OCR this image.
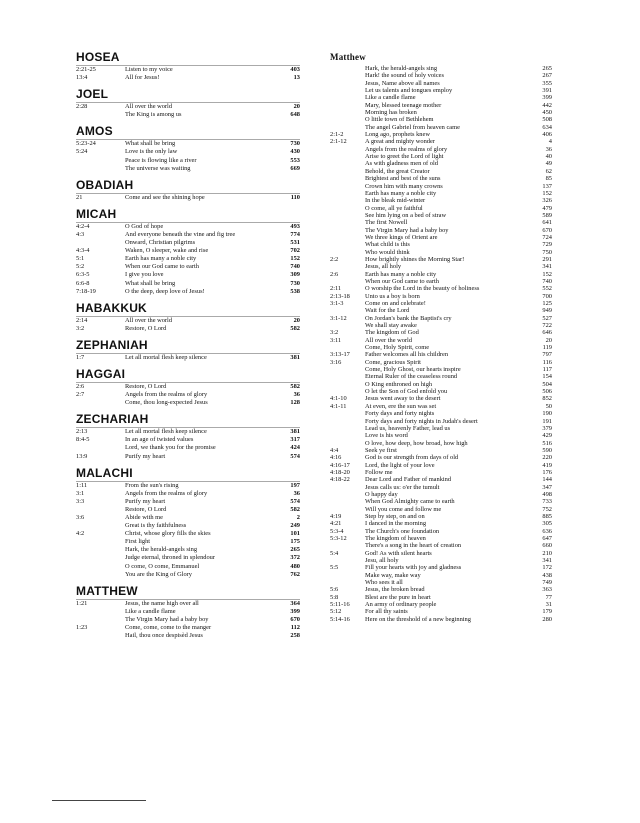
HOSEA
2:21-25	Listen to my voice	403
13:4	All for Jesus!	13
JOEL
2:28	All over the world	20
The King is among us	648
AMOS
5:23-24	What shall be bring	730
5:24	Love is the only law	430
Peace is flowing like a river	553
The universe was waiting	669
OBADIAH
21	Come and see the shining hope	110
MICAH
4:2-4	O God of hope	493
4:3	And everyone beneath the vine and fig tree	774
Onward, Christian pilgrims	531
4:3-4	Waken, O sleeper, wake and rise	702
5:1	Earth has many a noble city	152
5:2	When our God came to earth	740
6:3-5	I give you love	309
6:6-8	What shall be bring	730
7:18-19	O the deep, deep love of Jesus!	538
HABAKKUK
2:14	All over the world	20
3:2	Restore, O Lord	582
ZEPHANIAH
1:7	Let all mortal flesh keep silence	381
HAGGAI
2:6	Restore, O Lord	582
2:7	Angels from the realms of glory	36
Come, thou long-expected Jesus	128
ZECHARIAH
2:13	Let all mortal flesh keep silence	381
8:4-5	In an age of twisted values	317
Lord, we thank you for the promise	424
13:9	Purify my heart	574
MALACHI
1:11	From the sun's rising	197
3:1	Angels from the realms of glory	36
3:3	Purify my heart	574
Restore, O Lord	582
3:6	Abide with me	2
Great is thy faithfulness	249
4:2	Christ, whose glory fills the skies	101
First light	175
Hark, the herald-angels sing	265
Judge eternal, throned in splendour	372
O come, O come, Emmanuel	480
You are the King of Glory	762
MATTHEW
1:21	Jesus, the name high over all	364
Like a candle flame	399
The Virgin Mary had a baby boy	670
1:23	Come, come, come to the manger	112
Hail, thou once despisèd Jesus	258
Matthew
Hark, the herald-angels sing	265
Hark! the sound of holy voices	267
Jesus, Name above all names	355
Let us talents and tongues employ	391
Like a candle flame	399
Mary, blessed teenage mother	442
Morning has broken	450
O little town of Bethlehem	508
The angel Gabriel from heaven came	634
2:1-2	Long ago, prophets knew	406
2:1-12	A great and mighty wonder	4
Angels from the realms of glory	36
Arise to greet the Lord of light	40
As with gladness men of old	49
Behold, the great Creator	62
Brightest and best of the suns	85
Crown him with many crowns	137
Earth has many a noble city	152
In the bleak mid-winter	326
O come, all ye faithful	479
See him lying on a bed of straw	589
The first Nowell	641
The Virgin Mary had a baby boy	670
We three kings of Orient are	724
What child is this	729
Who would think	750
2:2	How brightly shines the Morning Star!	291
Jesus, all holy	341
2:6	Earth has many a noble city	152
When our God came to earth	740
2:11	O worship the Lord in the beauty of holiness	552
2:13-18	Unto us a boy is born	700
3:1-3	Come on and celebrate!	125
Wait for the Lord	949
3:1-12	On Jordan's bank the Baptist's cry	527
We shall stay awake	722
3:2	The kingdom of God	646
3:11	All over the world	20
Come, Holy Spirit, come	119
3:13-17	Father welcomes all his children	797
3:16	Come, gracious Spirit	116
Come, Holy Ghost, our hearts inspire	117
Eternal Ruler of the ceaseless round	154
O King enthroned on high	504
O let the Son of God enfold you	506
4:1-10	Jesus went away to the desert	852
4:1-11	At even, ere the sun was set	50
Forty days and forty nights	190
Forty days and forty nights in Judah's desert	191
Lead us, heavenly Father, lead us	379
Love is his word	429
O love, how deep, how broad, how high	516
4:4	Seek ye first	590
4:16	God is our strength from days of old	220
4:16-17	Lord, the light of your love	419
4:18-20	Follow me	176
4:18-22	Dear Lord and Father of mankind	144
Jesus calls us: o'er the tumult	347
O happy day	498
When God Almighty came to earth	733
Will you come and follow me	752
4:19	Step by step, on and on	885
4:21	I danced in the morning	305
5:3-4	The Church's one foundation	636
5:3-12	The kingdom of heaven	647
There's a song in the heart of creation	660
5:4	God! As with silent hearts	210
Jesu, all holy	341
5:5	Fill your hearts with joy and gladness	172
Make way, make way	438
Who sees it all	749
5:6	Jesus, the broken bread	363
5:8	Blest are the pure in heart	77
5:11-16	An army of ordinary people	31
5:12	For all thy saints	179
5:14-16	Here on the threshold of a new beginning	280
